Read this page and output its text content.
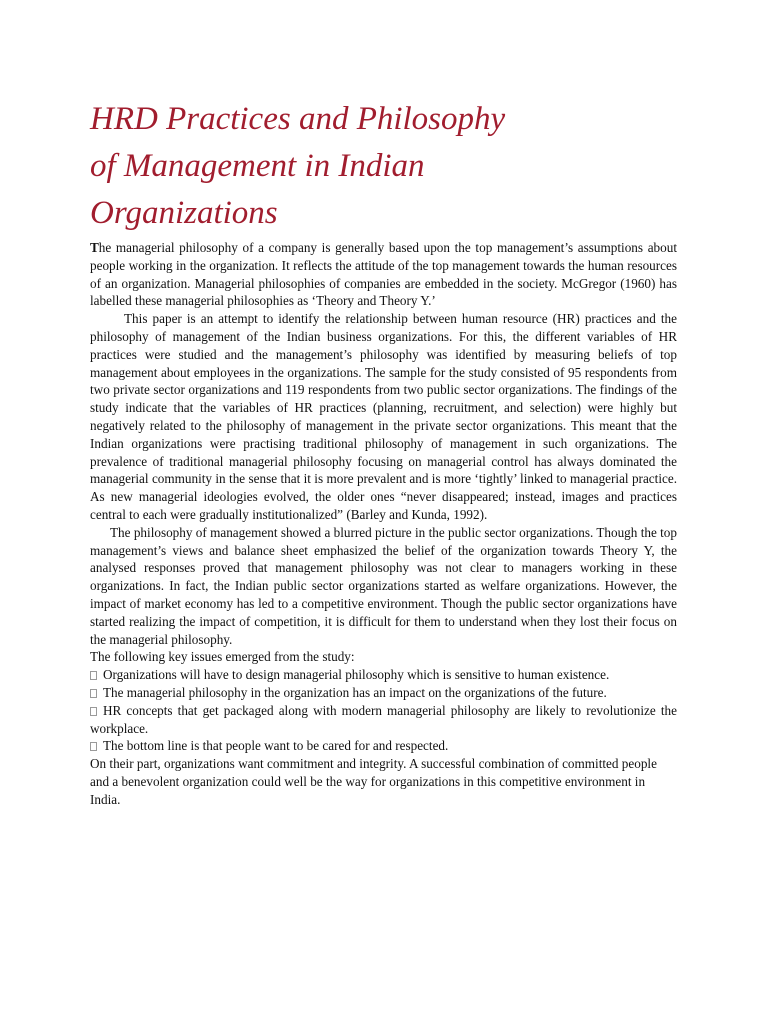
HRD Practices and Philosophy
of Management in Indian
Organizations

The managerial philosophy of a company is generally based upon the top management’s assumptions about people working in the organization. It reflects the attitude of the top management towards the human resources of an organization. Managerial philosophies of companies are embedded in the society. McGregor (1960) has labelled these managerial philosophies as ‘Theory and Theory Y.’

This paper is an attempt to identify the relationship between human resource (HR) practices and the philosophy of management of the Indian business organizations. For this, the different variables of HR practices were studied and the management’s philosophy was identified by measuring beliefs of top management about employees in the organizations. The sample for the study consisted of 95 respondents from two private sector organizations and 119 respondents from two public sector organizations. The findings of the study indicate that the variables of HR practices (planning, recruitment, and selection) were highly but negatively related to the philosophy of management in the private sector organizations. This meant that the Indian organizations were practising traditional philosophy of management in such organizations. The prevalence of traditional managerial philosophy focusing on managerial control has always dominated the managerial community in the sense that it is more prevalent and is more ‘tightly’ linked to managerial practice. As new managerial ideologies evolved, the older ones “never disappeared; instead, images and practices central to each were gradually institutionalized” (Barley and Kunda, 1992).

The philosophy of management showed a blurred picture in the public sector organizations. Though the top management’s views and balance sheet emphasized the belief of the organization towards Theory Y, the analysed responses proved that management philosophy was not clear to managers working in these organizations. In fact, the Indian public sector organizations started as welfare organizations. However, the impact of market economy has led to a competitive environment. Though the public sector organizations have started realizing the impact of competition, it is difficult for them to understand when they lost their focus on the managerial philosophy.

The following key issues emerged from the study:

Organizations will have to design managerial philosophy which is sensitive to human existence.

The managerial philosophy in the organization has an impact on the organizations of the future.

HR concepts that get packaged along with modern managerial philosophy are likely to revolutionize the workplace.

The bottom line is that people want to be cared for and respected.

On their part, organizations want commitment and integrity. A successful combination of committed people and a benevolent organization could well be the way for organizations in this competitive environment in India.
